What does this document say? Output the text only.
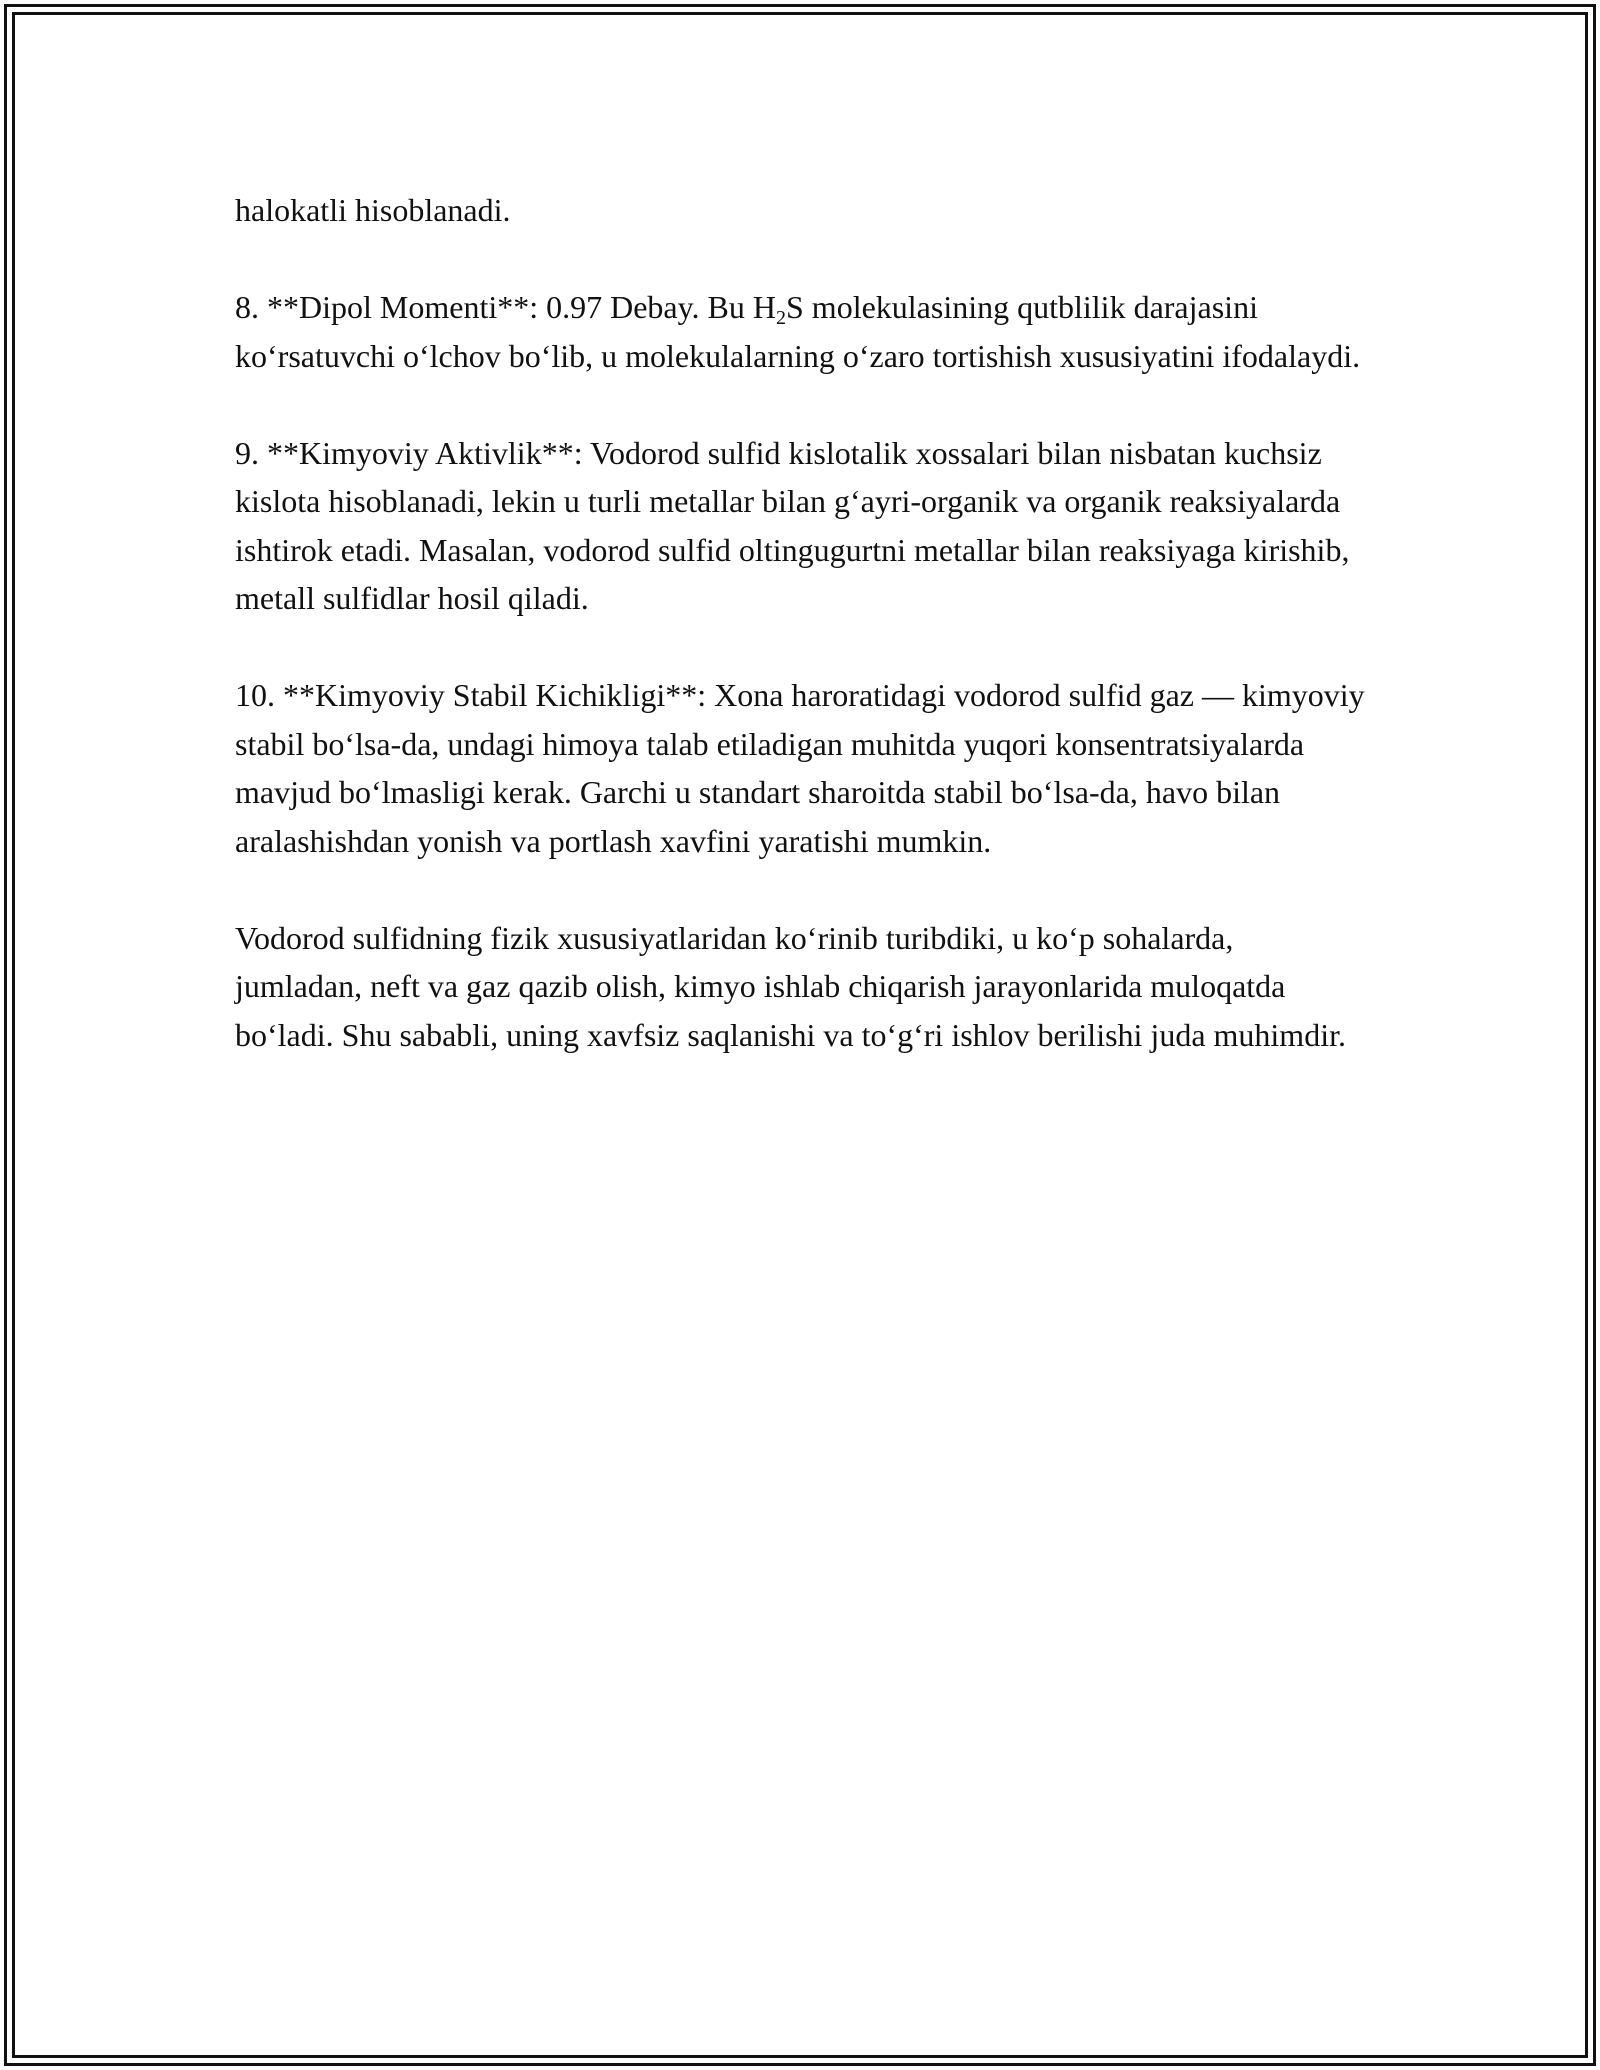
halokatli hisoblanadi.

8. **Dipol Momenti**: 0.97 Debay. Bu $H_2S$ molekulasining qutblilik darajasini ko‘rsatuvchi o‘lchov bo‘lib, u molekulalarning o‘zaro tortishish xususiyatini ifodalaydi.

9. **Kimyoviy Aktivlik**: Vodorod sulfid kislotalik xossalari bilan nisbatan kuchsiz kislota hisoblanadi, lekin u turli metallar bilan g‘ayri-organik va organik reaksiyalarda ishtirok etadi. Masalan, vodorod sulfid oltingugurtni metallar bilan reaksiyaga kirishib, metall sulfidlar hosil qiladi.

10. **Kimyoviy Stabil Kichikligi**: Xona haroratidagi vodorod sulfid gaz — kimyoviy stabil bo‘lsa-da, undagi himoya talab etiladigan muhitda yuqori konsentratsiyalarda mavjud bo‘lmasligi kerak. Garchi u standart sharoitda stabil bo‘lsa-da, havo bilan aralashishdan yonish va portlash xavfini yaratishi mumkin.

Vodorod sulfidning fizik xususiyatlaridan ko‘rinib turibdiki, u ko‘p sohalarda, jumladan, neft va gaz qazib olish, kimyo ishlab chiqarish jarayonlarida muloqatda bo‘ladi. Shu sababli, uning xavfsiz saqlanishi va to‘g‘ri ishlov berilishi juda muhimdir.
